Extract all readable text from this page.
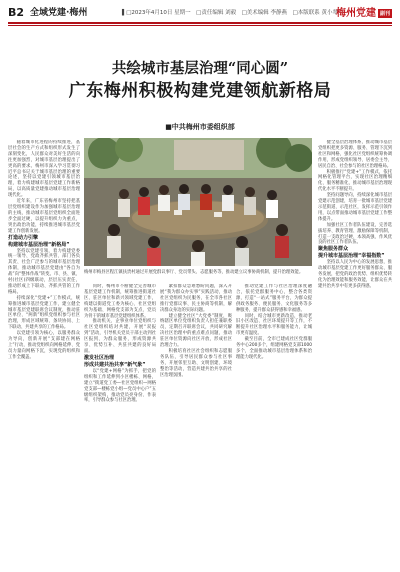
B2 全域党建·梅州	▌□2023年4月10日 星期一　□责任编辑 刘毅　□美术编辑 李静燕　□本版联系 黄小翠
梅州党建 副刊
共绘城市基层治理“同心圆”
广东梅州积极构建党建领航新格局
■中共梅州市委组织部

随着城市化进程的持续推进，基层社会的生产方式和组织形式发生了深刻变化，人民群众对美好生活的向往更加强烈，对城市基层治理提出了更高的要求。梅州市深入学习贯彻习近平总书记关于城市基层治理的重要论述，坚持以党建引领城市基层治理，着力构建城市基层党建工作新格局，以高质量党建推动城市基层治理现代化。

近年来，广东省梅州市坚持把基层党组织建设作为加强城市基层治理的主线，推动城市基层党组织全面进步全面过硬，以提升组织力为重点，突出政治功能，持续推进城市基层党建工作创新发展。

打造动力引擎
构建城市基层治理“新格局”

坚持以党建引领，着力构建党委统一领导、党政齐抓共管、部门各负其责、社会广泛参与的城市基层治理体制，推动城市基层党建由“各自为战”向“整体作战”转变。市、县、镇、村(社区)四级联动，层层压实责任，推动形成上下联动、齐抓共管的工作格局。

持续深化“党建+”工作模式，统筹推进城市基层党建工作，建立健全城市基层党建联席会议制度，推动驻区单位、“两新”组织党组织参与社区治理，形成区域统筹、条块协同、上下联动、共建共享的工作格局。

以党建引领为核心，以服务群众为导向，创新开展“支部建在网格上”行动，推动党组织向网格延伸、党员力量向网格下沉，实现党的组织和工作全覆盖。

同时，梅州市不断健全完善城市基层党建工作机制，统筹推进街道社区、驻区单位和新兴领域党建工作，构建以街道党工委为核心、社区党组织为基础、网格党支部为支点、党员为骨干的城市基层党建组织体系。

推动机关、企事业单位党组织与社区党组织结对共建，开展“双报到”活动，引导机关党员干部主动到社区报到、为群众服务，形成资源共享、优势互补、共驻共建的良好局面。

激发社区治理
形成共建共治共享“新气象”

以“党建+网格”为抓手，把党的组织和工作延伸到小区楼栋、网格，建立“街道党工委—社区党组织—网格党支部—楼栋党小组—党员中心户”五级组织架构，推动党员亮身份、作表率，引导群众参与社区治理。

紧扣群众急难愁盼问题，深入开展“我为群众办实事”实践活动，推动社区党组织为民服务，在全市各社区推行党群议事、民主协商等机制，解决群众身边的实际问题。

建立健全社区“大党委”制度，吸纳辖区单位党组织负责人担任兼职委员，定期召开联席会议，共同研究解决社区治理中的重点难点问题，推动驻区单位资源向社区开放，形成社区治理合力。

积极培育社区社会组织和志愿服务队伍，引导居民群众参与社区事务，开展邻里互助、文明创建、环境整治等活动，营造共建共治共享的社区治理氛围。

推动党建工作与社区治理深度融合，依托党群服务中心，整合各类资源，打造“一站式”服务平台，为群众提供政务服务、便民服务、文化服务等多种服务，提升群众获得感和幸福感。

同时，结合城市更新改造，推动老旧小区改造、社区环境提升等工作，不断提升社区治理水平和服务能力，让城市更有温度。

截至目前，全市已建成社区党群服务中心200多个，组建网格党支部1000多个，全面推动城市基层治理体系和治理能力现代化。

健全基层治理体系，推动城市基层党组织把更多资源、服务、管理下沉到社区和网格，强化社区党组织统筹协调作用，形成党组织领导、居委会主导、居民自治、社会参与的社区治理格局。

积极推行“党建+”工作模式，依托网格化管理平台，实现社区治理精细化、服务精准化，推动城市基层治理现代化水平不断提升。

坚持问题导向，持续深化城市基层党建示范创建，培育一批城市基层党建示范街道、示范社区，发挥示范引领作用，以点带面推动城市基层党建工作整体提升。

加强社区工作者队伍建设，完善选拔培养、教育管理、激励保障等机制，打造一支政治过硬、本领高强、作风优良的社区工作者队伍。

聚焦服务群众
提升城市基层治理“幸福指数”

坚持以人民为中心的发展思想，推动城市基层党建工作更好服务群众、服务发展，把党的政治优势、组织优势转化为治理效能和服务效能，让群众在共建共治共享中有更多获得感。

梅州市梅县区程江镇扶贵村通过开展党群议事厅、党员带头、志愿服务等，推动建立议事协商机制，提升治理效能。
